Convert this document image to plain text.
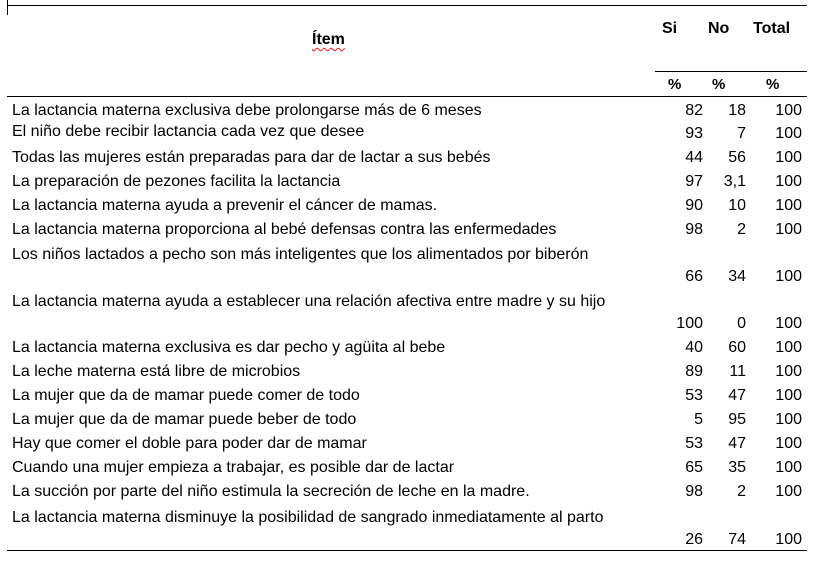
Ítem
Si No Total
% %	%
La lactancia materna exclusiva debe prolongarse más de 6 meses	82	18	100
El niño debe recibir lactancia cada vez que desee	93	7	100
Todas las mujeres están preparadas para dar de lactar a sus bebés	44	56	100
La preparación de pezones facilita la lactancia	97	3,1	100
La lactancia materna ayuda a prevenir el cáncer de mamas.	90	10	100
La lactancia materna proporciona al bebé defensas contra las enfermedades	98	2	100
Los niños lactados a pecho son más inteligentes que los alimentados por biberón
66	34	100
La lactancia materna ayuda a establecer una relación afectiva entre madre y su hijo
100	0	100
La lactancia materna exclusiva es dar pecho y agüita al bebe	40	60	100
La leche materna está libre de microbios	89	11	100
La mujer que da de mamar puede comer de todo	53	47	100
La mujer que da de mamar puede beber de todo	5	95	100
Hay que comer el doble para poder dar de mamar	53	47	100
Cuando una mujer empieza a trabajar, es posible dar de lactar	65	35	100
La succión por parte del niño estimula la secreción de leche en la madre.	98	2	100
La lactancia materna disminuye la posibilidad de sangrado inmediatamente al parto
26	74	100
